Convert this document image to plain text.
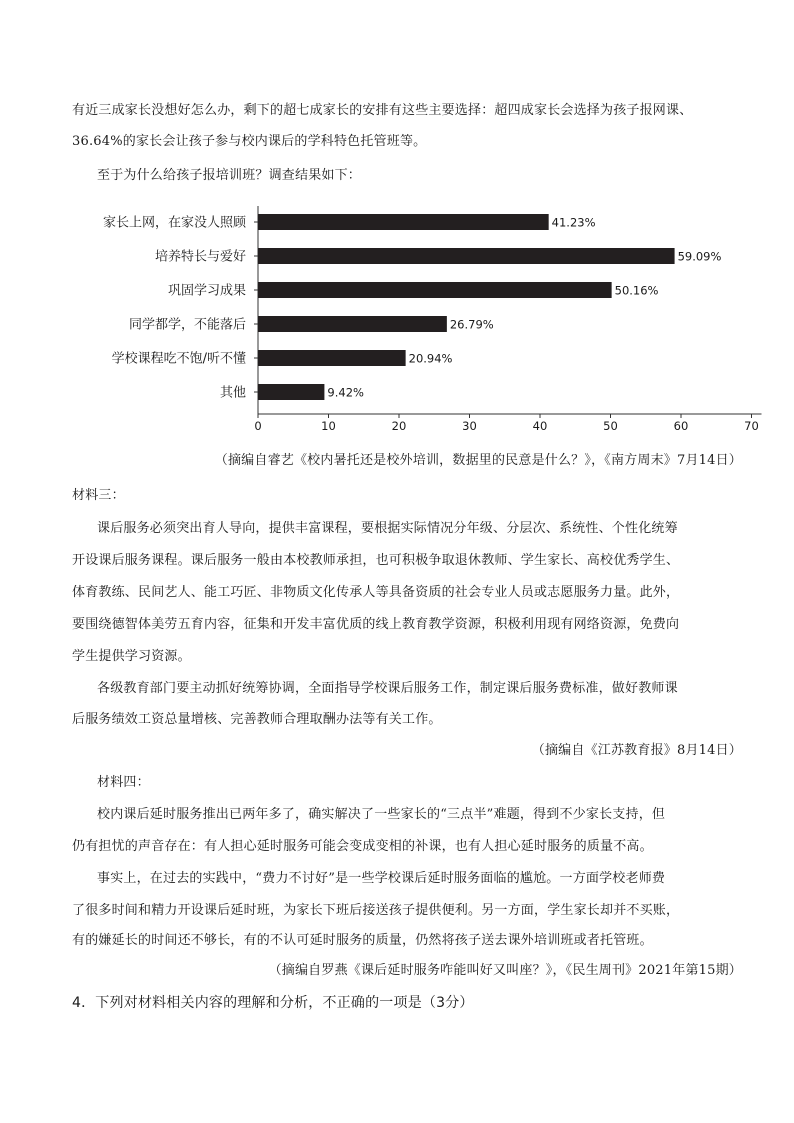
有近三成家长没想好怎么办，剩下的超七成家长的安排有这些主要选择：超四成家长会选择为孩子报网课、
36.64%的家长会让孩子参与校内课后的学科特色托管班等。
至于为什么给孩子报培训班？调查结果如下：
家长上网，在家没人照顾	41.23%
培养特长与爱好	59.09%
巩固学习成果	50.16%
同学都学，不能落后	26.79%
学校课程吃不饱/听不懂	20.94%
其他	9.42%
0	10	20	30	40	50	60	70
（摘编自睿艺《校内暑托还是校外培训，数据里的民意是什么？》，《南方周末》7月14日）
材料三：
课后服务必须突出育人导向，提供丰富课程，要根据实际情况分年级、分层次、系统性、个性化统筹
开设课后服务课程。课后服务一般由本校教师承担，也可积极争取退休教师、学生家长、高校优秀学生、
体育教练、民间艺人、能工巧匠、非物质文化传承人等具备资质的社会专业人员或志愿服务力量。此外，
要围绕德智体美劳五育内容，征集和开发丰富优质的线上教育教学资源，积极利用现有网络资源，免费向
学生提供学习资源。
各级教育部门要主动抓好统筹协调，全面指导学校课后服务工作，制定课后服务费标准，做好教师课
后服务绩效工资总量增核、完善教师合理取酬办法等有关工作。
（摘编自《江苏教育报》8月14日）
材料四：
校内课后延时服务推出已两年多了，确实解决了一些家长的“三点半”难题，得到不少家长支持，但
仍有担忧的声音存在：有人担心延时服务可能会变成变相的补课，也有人担心延时服务的质量不高。
事实上，在过去的实践中，“费力不讨好”是一些学校课后延时服务面临的尴尬。一方面学校老师费
了很多时间和精力开设课后延时班，为家长下班后接送孩子提供便利。另一方面，学生家长却并不买账，
有的嫌延长的时间还不够长，有的不认可延时服务的质量，仍然将孩子送去课外培训班或者托管班。
（摘编自罗燕《课后延时服务咋能叫好又叫座？》，《民生周刊》2021年第15期）
4．下列对材料相关内容的理解和分析，不正确的一项是（3分）
